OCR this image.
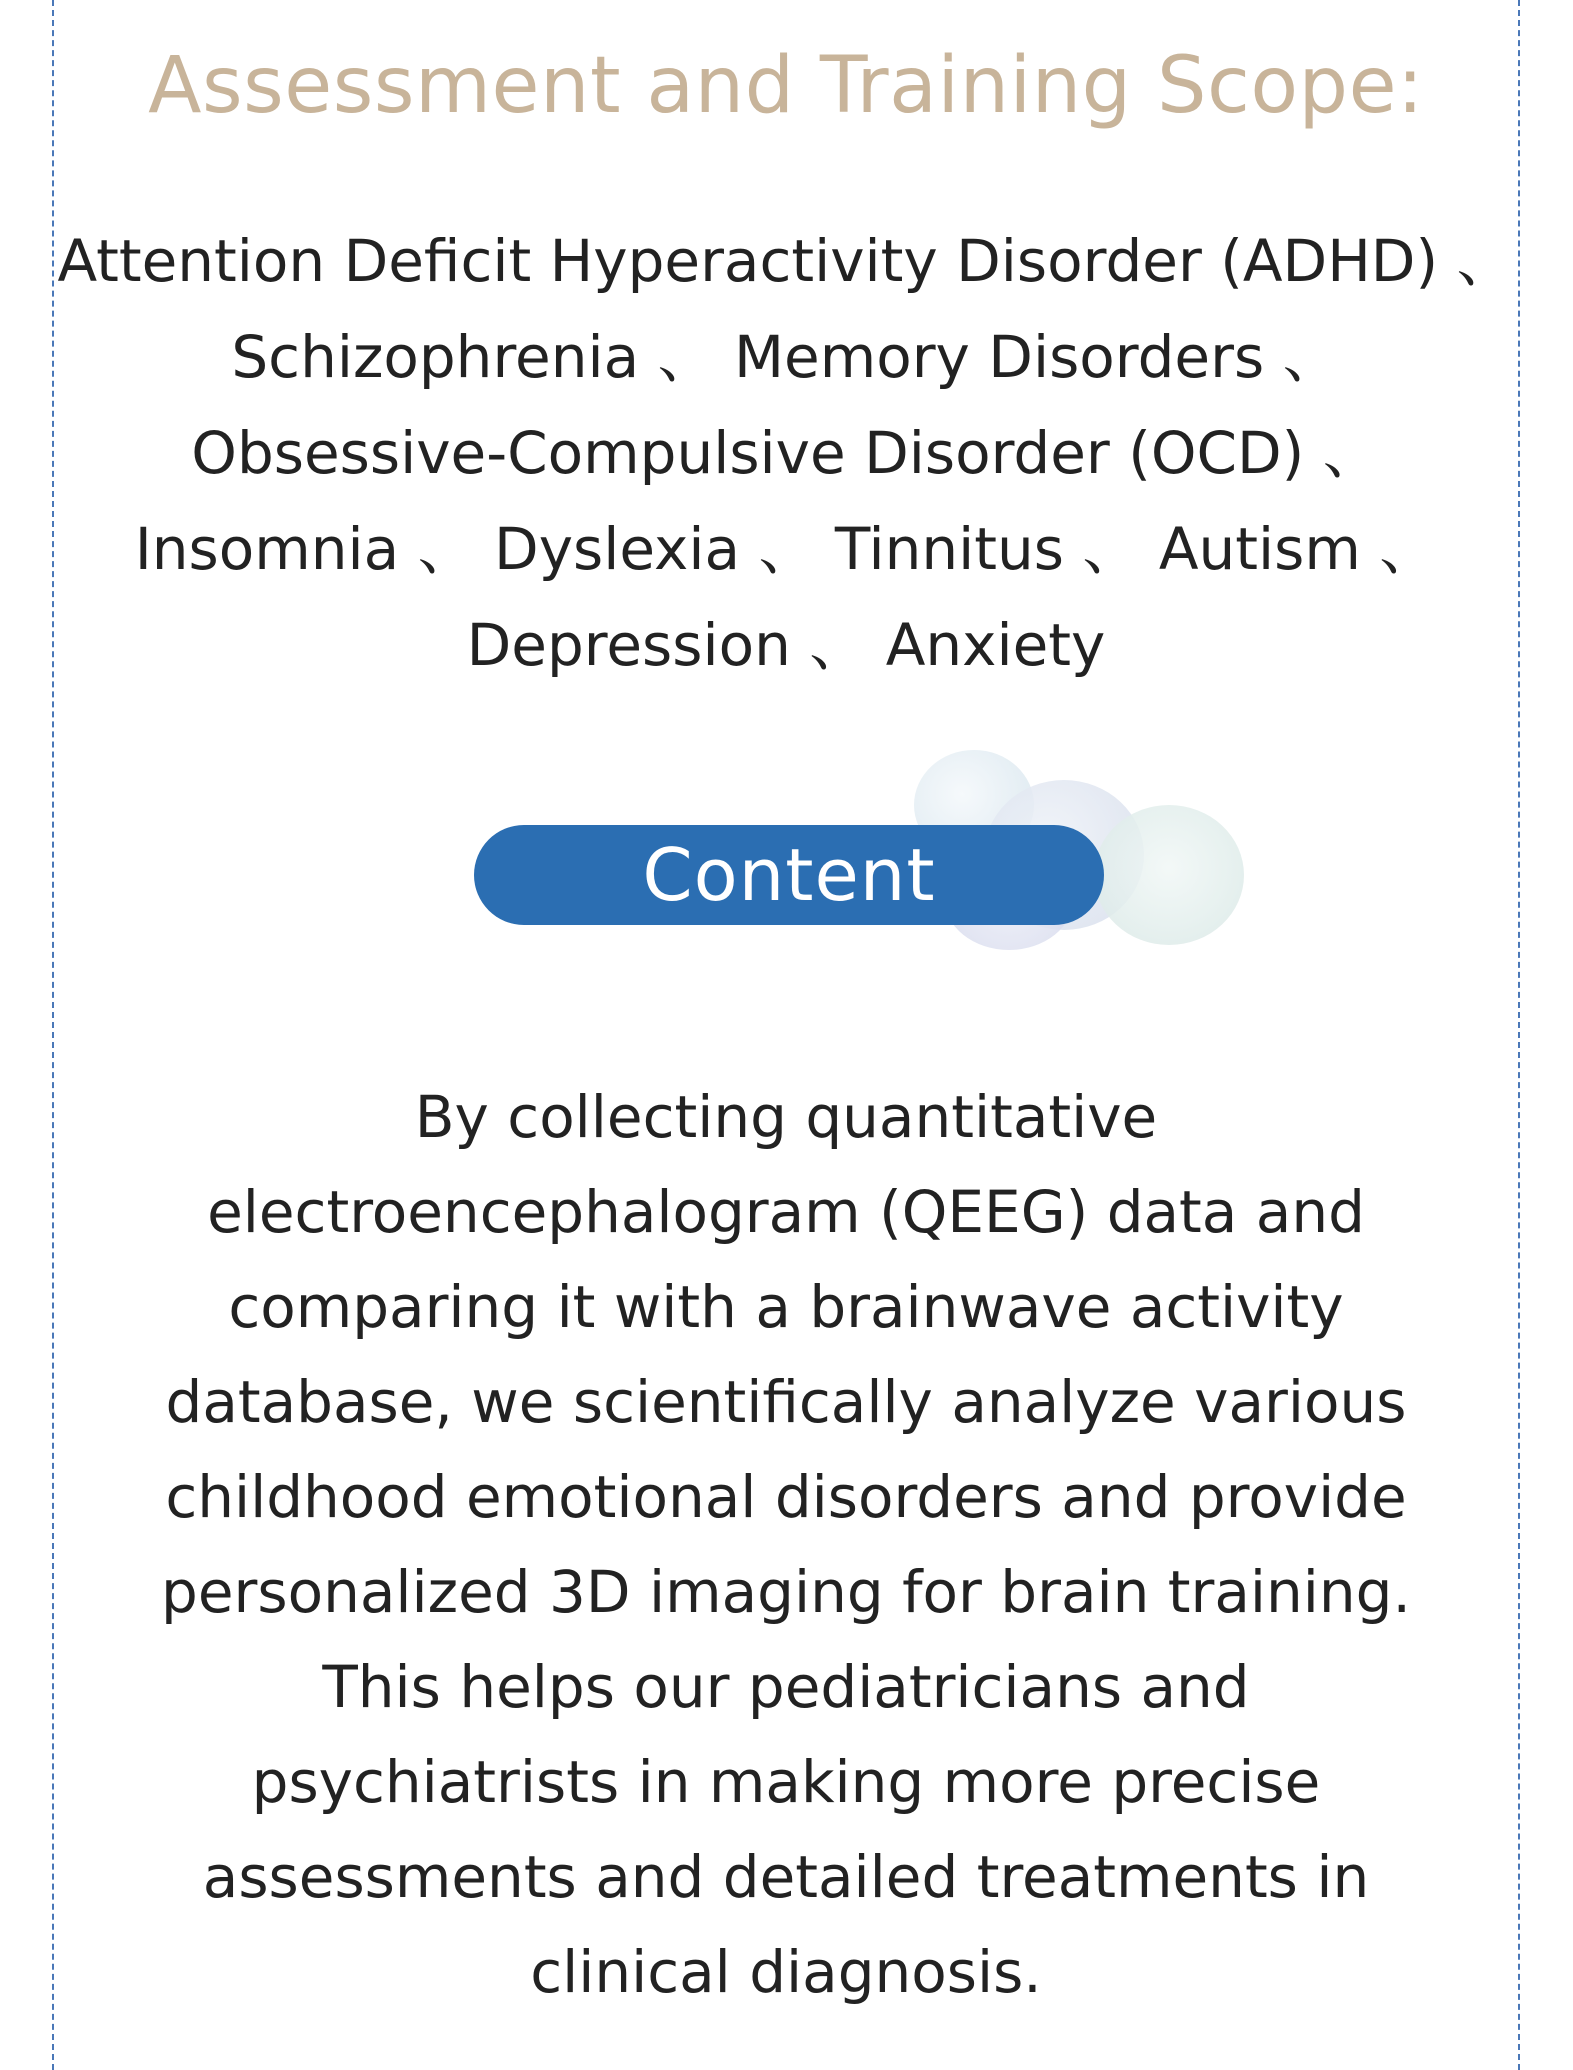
Assessment and Training Scope:
Attention Deficit Hyperactivity Disorder (ADHD) 、
Schizophrenia 、 Memory Disorders 、
Obsessive-Compulsive Disorder (OCD) 、
Insomnia 、 Dyslexia 、 Tinnitus 、 Autism 、
Depression 、 Anxiety
Content
By collecting quantitative
electroencephalogram (QEEG) data and
comparing it with a brainwave activity
database, we scientifically analyze various
childhood emotional disorders and provide
personalized 3D imaging for brain training.
This helps our pediatricians and
psychiatrists in making more precise
assessments and detailed treatments in
clinical diagnosis.
